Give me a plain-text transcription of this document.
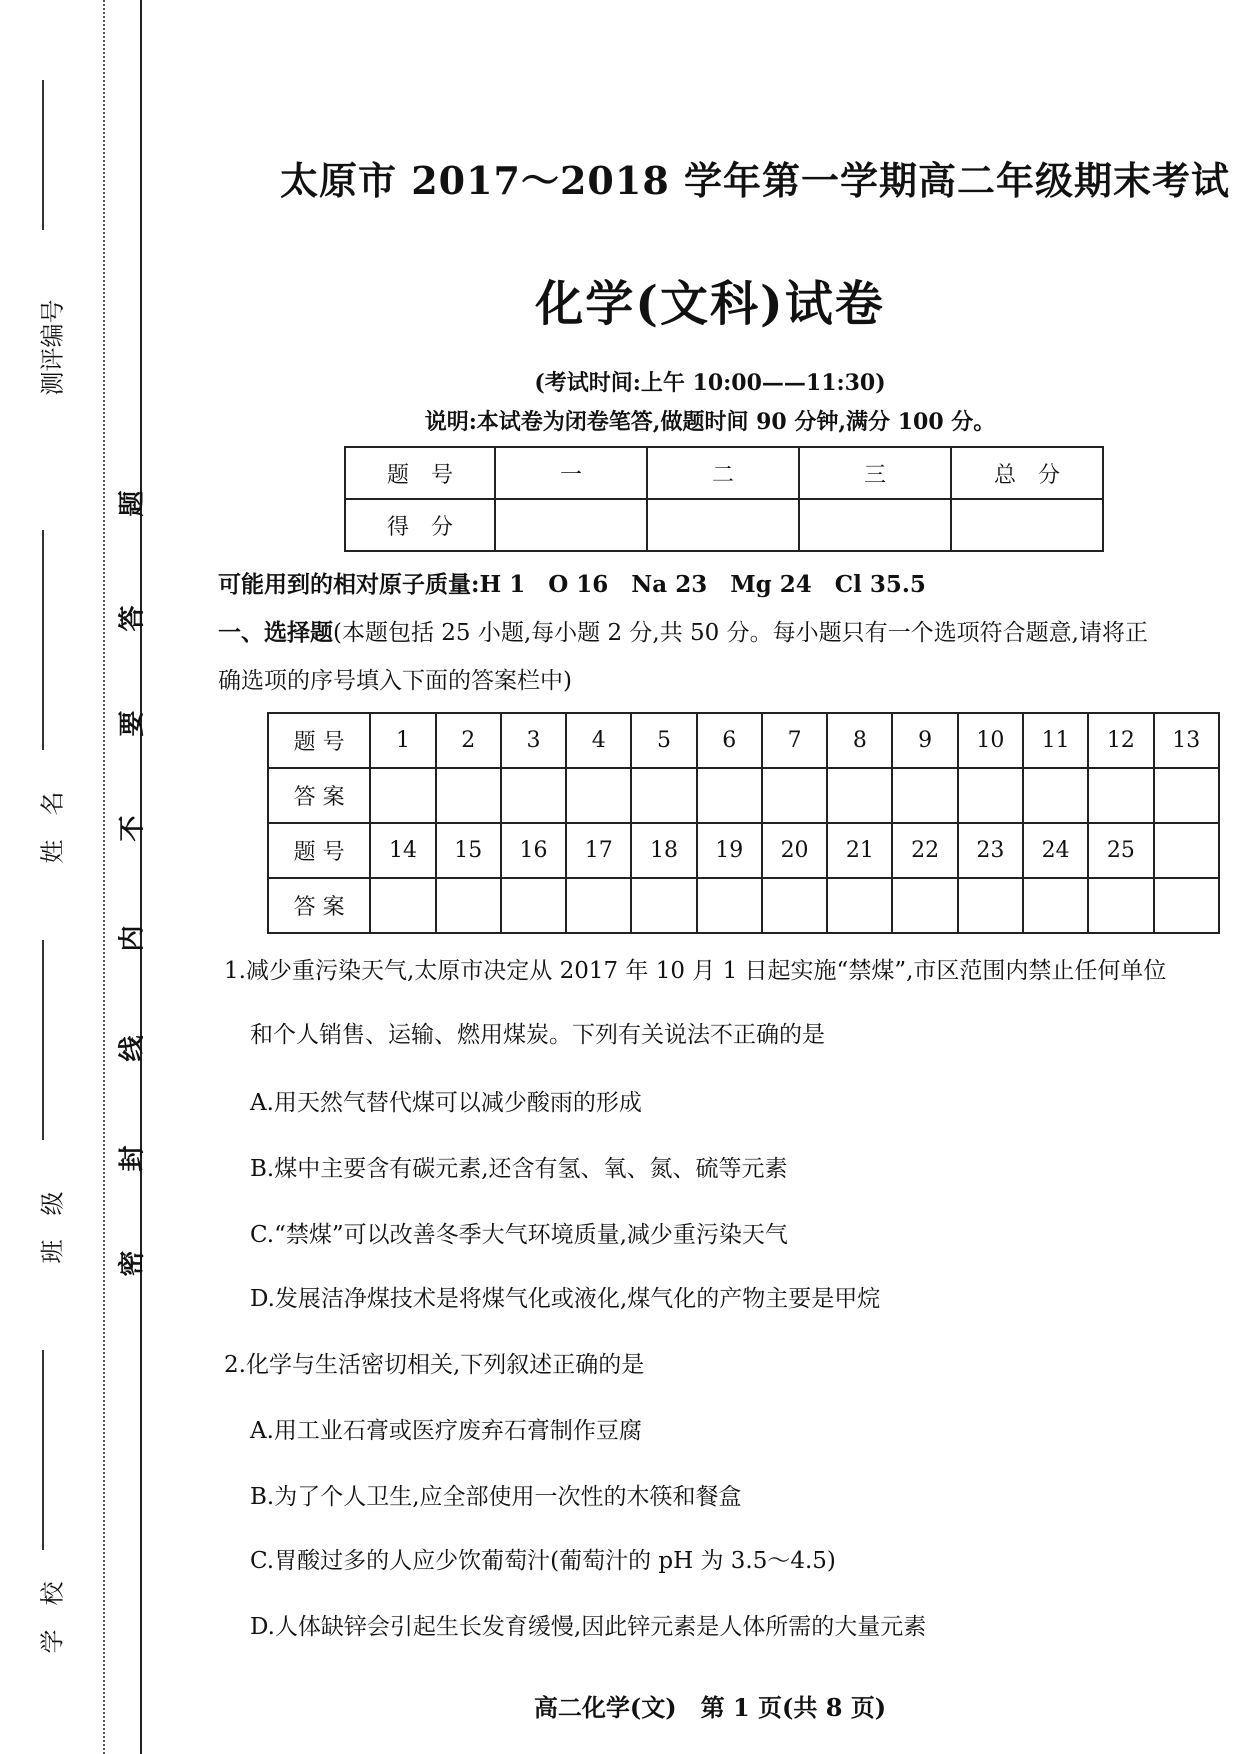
测评编号
姓　名
班　级
学　校
题
答
要
不
内
线
封
密
太原市 2017～2018 学年第一学期高二年级期末考试
化学(文科)试卷
(考试时间:上午 10:00——11:30)
说明:本试卷为闭卷笔答,做题时间 90 分钟,满分 100 分。
题　号	一	二	三	总　分
得　分				
可能用到的相对原子质量:H 1　O 16　Na 23　Mg 24　Cl 35.5
一、选择题(本题包括 25 小题,每小题 2 分,共 50 分。每小题只有一个选项符合题意,请将正
确选项的序号填入下面的答案栏中)
题 号	1	2	3	4	5	6	7	8	9	10	11	12	13
答 案													
题 号	14	15	16	17	18	19	20	21	22	23	24	25	
答 案													
1.减少重污染天气,太原市决定从 2017 年 10 月 1 日起实施“禁煤”,市区范围内禁止任何单位
和个人销售、运输、燃用煤炭。下列有关说法不正确的是
A.用天然气替代煤可以减少酸雨的形成
B.煤中主要含有碳元素,还含有氢、氧、氮、硫等元素
C.“禁煤”可以改善冬季大气环境质量,减少重污染天气
D.发展洁净煤技术是将煤气化或液化,煤气化的产物主要是甲烷
2.化学与生活密切相关,下列叙述正确的是
A.用工业石膏或医疗废弃石膏制作豆腐
B.为了个人卫生,应全部使用一次性的木筷和餐盒
C.胃酸过多的人应少饮葡萄汁(葡萄汁的 pH 为 3.5～4.5)
D.人体缺锌会引起生长发育缓慢,因此锌元素是人体所需的大量元素
高二化学(文)　第 1 页(共 8 页)
